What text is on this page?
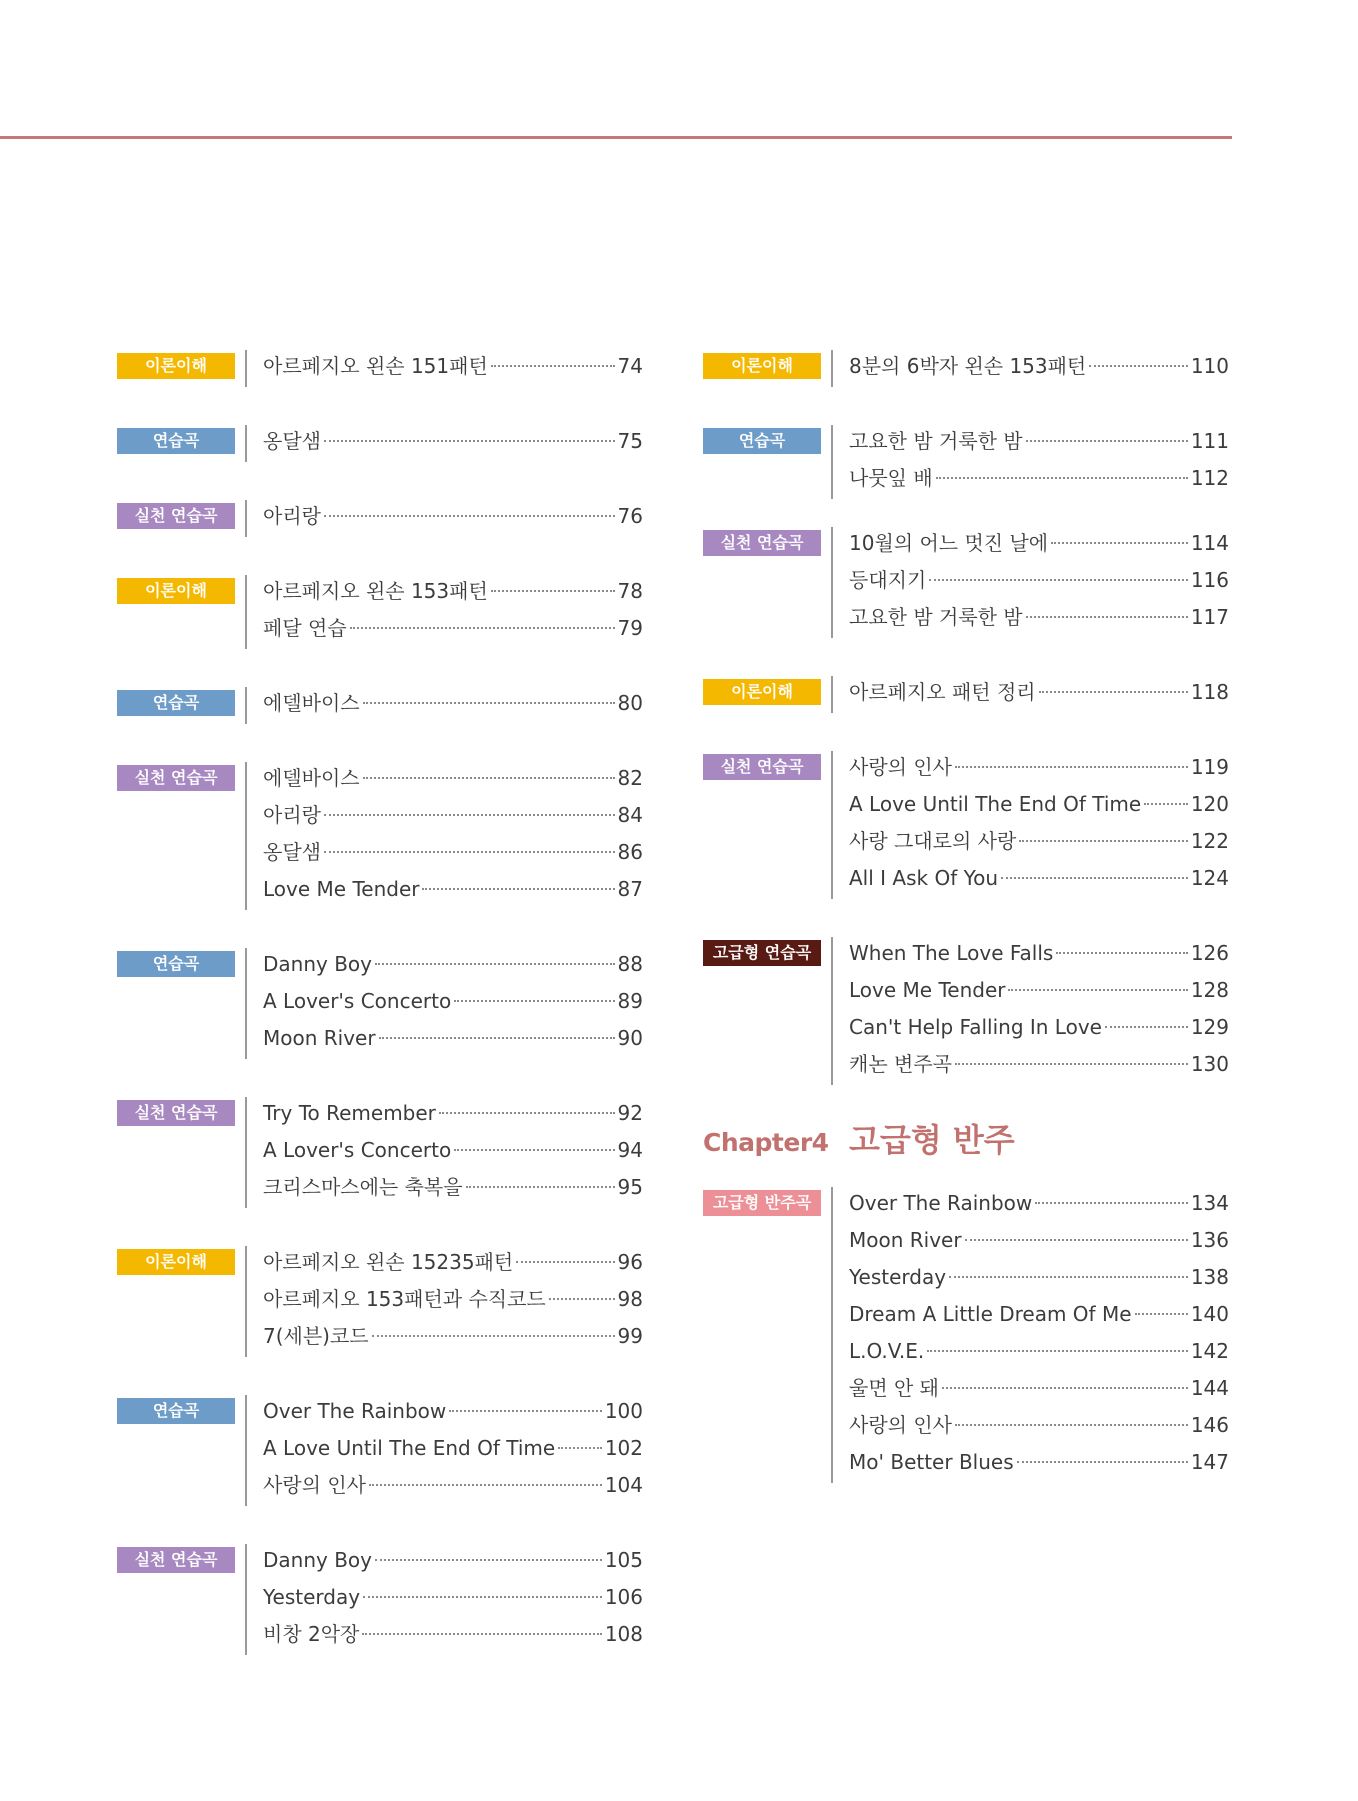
이론이해	아르페지오 왼손 151패턴	74
연습곡	옹달샘	75
실천 연습곡	아리랑	76
이론이해	아르페지오 왼손 153패턴	78
페달 연습	79
연습곡	에델바이스	80
실천 연습곡	에델바이스	82
아리랑	84
옹달샘	86
Love Me Tender	87
연습곡	Danny Boy	88
A Lover's Concerto	89
Moon River	90
실천 연습곡	Try To Remember	92
A Lover's Concerto	94
크리스마스에는 축복을	95
이론이해	아르페지오 왼손 15235패턴	96
아르페지오 153패턴과 수직코드	98
7(세븐)코드	99
연습곡	Over The Rainbow	100
A Love Until The End Of Time 102
사랑의 인사	104
실천 연습곡	Danny Boy	105
Yesterday	106
비창 2악장	108
이론이해	8분의 6박자 왼손 153패턴	110
연습곡	고요한 밤 거룩한 밤	111
나뭇잎 배	112
실천 연습곡	10월의 어느 멋진 날에	114
등대지기	116
고요한 밤 거룩한 밤	117
이론이해	아르페지오 패턴 정리	118
실천 연습곡	사랑의 인사	119
A Love Until The End Of Time 120
사랑 그대로의 사랑	122
All I Ask Of You	124
고급형 연습곡	When The Love Falls	126
Love Me Tender	128
Can't Help Falling In Love	129
캐논 변주곡	130
Chapter4 고급형 반주
고급형 반주곡	Over The Rainbow	134
Moon River	136
Yesterday	138
Dream A Little Dream Of Me	140
L.O.V.E.	142
울면 안 돼	144
사랑의 인사	146
Mo' Better Blues	147
